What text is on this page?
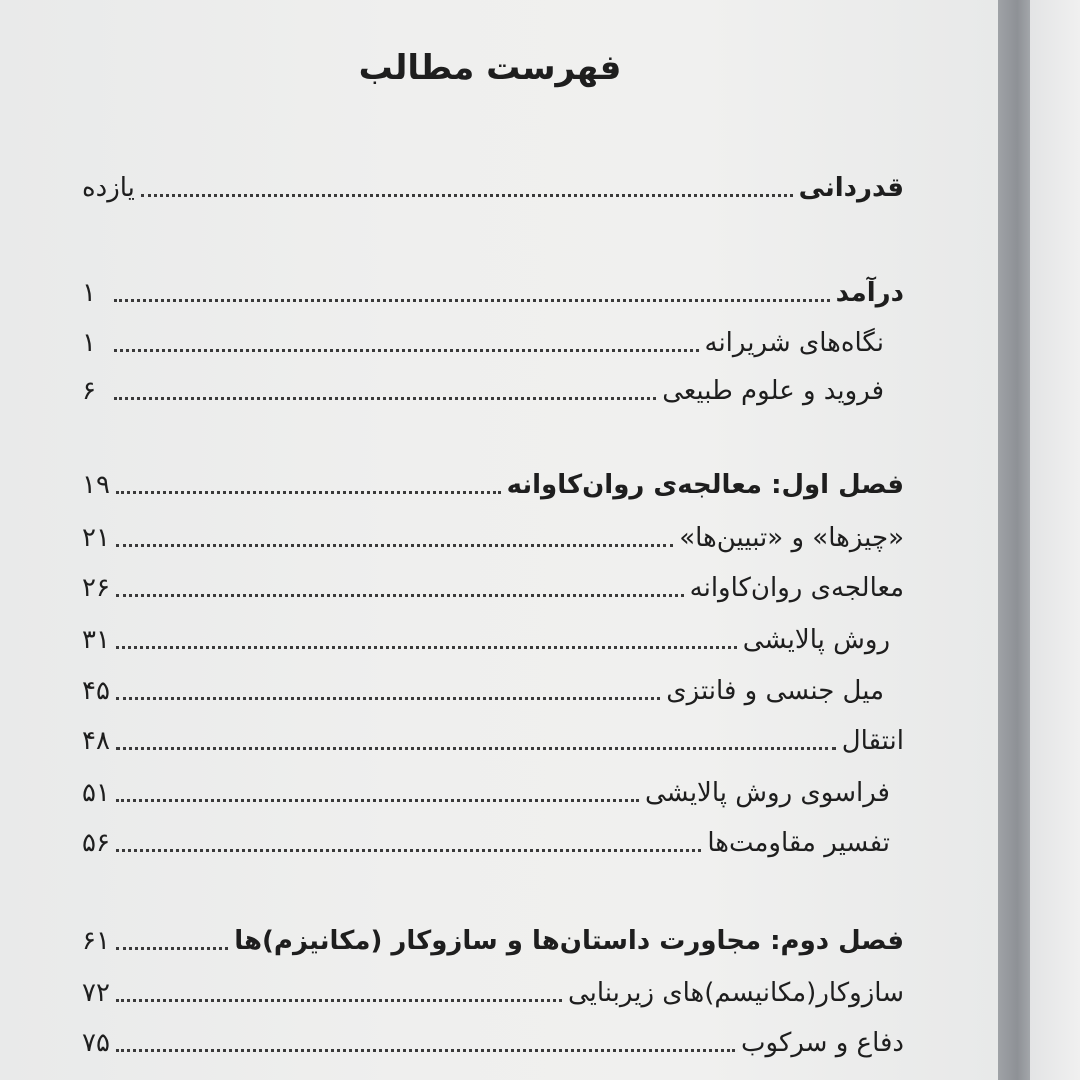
فهرست مطالب
قدردانی
یازده
درآمد
۱
نگاه‌های شریرانه
۱
فروید و علوم طبیعی
۶
فصل اول: معالجه‌ی روان‌کاوانه
۱۹
«چیزها» و «تبیین‌ها»
۲۱
معالجه‌ی روان‌کاوانه
۲۶
روش پالایشی
۳۱
میل جنسی و فانتزی
۴۵
انتقال
۴۸
فراسوی روش پالایشی
۵۱
تفسیر مقاومت‌ها
۵۶
فصل دوم: مجاورت داستان‌ها و سازوکار (مکانیزم)ها
۶۱
سازوکار(مکانیسم)های زیربنایی
۷۲
دفاع و سرکوب
۷۵
